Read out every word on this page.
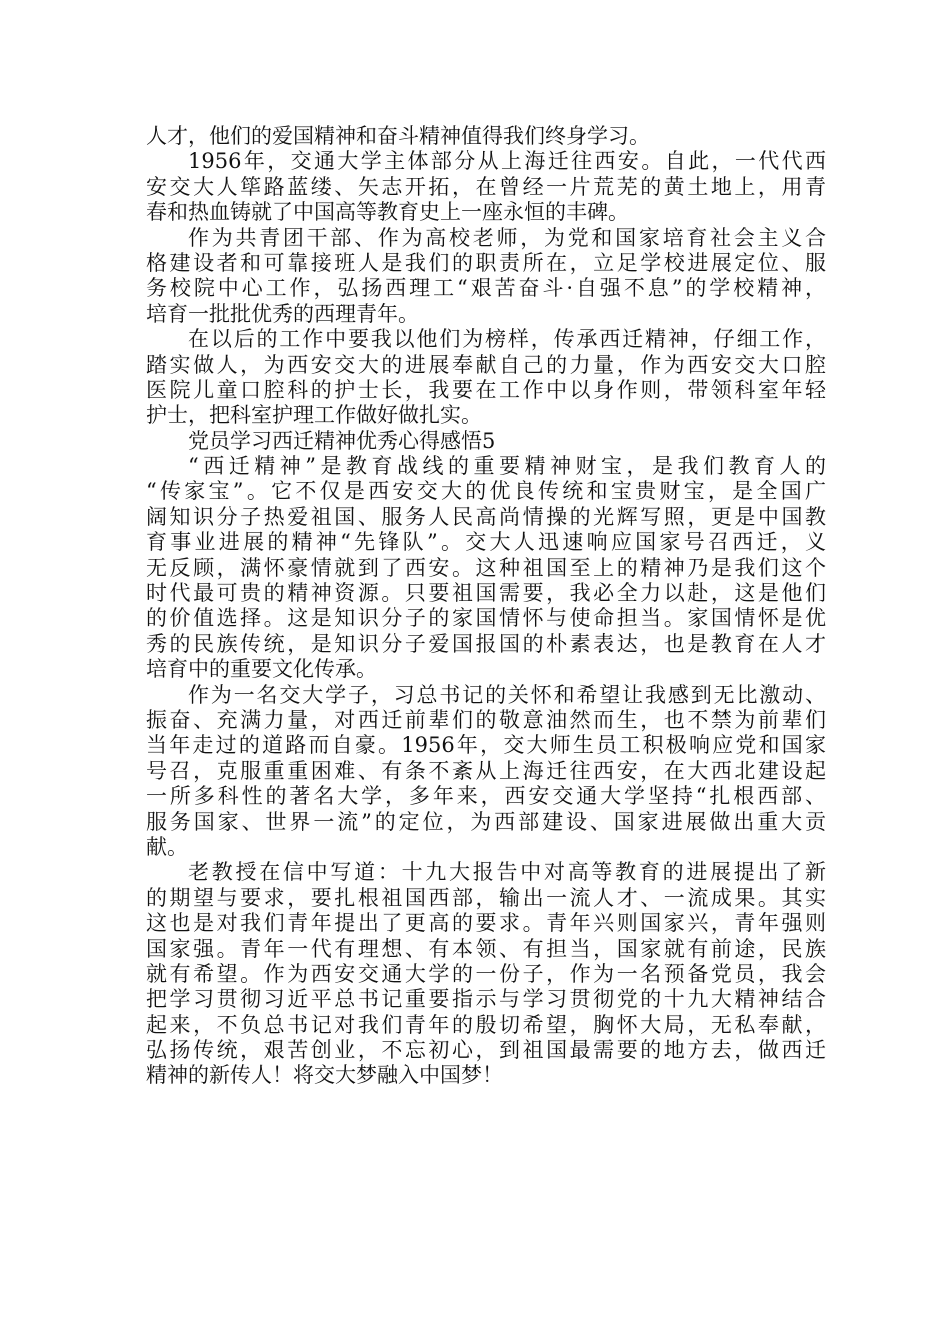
人才，他们的爱国精神和奋斗精神值得我们终身学习。
1956年，交通大学主体部分从上海迁往西安。自此，一代代西
安交大人筚路蓝缕、矢志开拓，在曾经一片荒芜的黄土地上，用青
春和热血铸就了中国高等教育史上一座永恒的丰碑。
作为共青团干部、作为高校老师，为党和国家培育社会主义合
格建设者和可靠接班人是我们的职责所在，立足学校进展定位、服
务校院中心工作，弘扬西理工“艰苦奋斗·自强不息”的学校精神，
培育一批批优秀的西理青年。
在以后的工作中要我以他们为榜样，传承西迁精神，仔细工作，
踏实做人，为西安交大的进展奉献自己的力量，作为西安交大口腔
医院儿童口腔科的护士长，我要在工作中以身作则，带领科室年轻
护士，把科室护理工作做好做扎实。
党员学习西迁精神优秀心得感悟5
“西迁精神”是教育战线的重要精神财宝，是我们教育人的
“传家宝”。它不仅是西安交大的优良传统和宝贵财宝，是全国广
阔知识分子热爱祖国、服务人民高尚情操的光辉写照，更是中国教
育事业进展的精神“先锋队”。交大人迅速响应国家号召西迁，义
无反顾，满怀豪情就到了西安。这种祖国至上的精神乃是我们这个
时代最可贵的精神资源。只要祖国需要，我必全力以赴，这是他们
的价值选择。这是知识分子的家国情怀与使命担当。家国情怀是优
秀的民族传统，是知识分子爱国报国的朴素表达，也是教育在人才
培育中的重要文化传承。
作为一名交大学子，习总书记的关怀和希望让我感到无比激动、
振奋、充满力量，对西迁前辈们的敬意油然而生，也不禁为前辈们
当年走过的道路而自豪。1956年，交大师生员工积极响应党和国家
号召，克服重重困难、有条不紊从上海迁往西安，在大西北建设起
一所多科性的著名大学，多年来，西安交通大学坚持“扎根西部、
服务国家、世界一流”的定位，为西部建设、国家进展做出重大贡
献。
老教授在信中写道：十九大报告中对高等教育的进展提出了新
的期望与要求，要扎根祖国西部，输出一流人才、一流成果。其实
这也是对我们青年提出了更高的要求。青年兴则国家兴，青年强则
国家强。青年一代有理想、有本领、有担当，国家就有前途，民族
就有希望。作为西安交通大学的一份子，作为一名预备党员，我会
把学习贯彻习近平总书记重要指示与学习贯彻党的十九大精神结合
起来，不负总书记对我们青年的殷切希望，胸怀大局，无私奉献，
弘扬传统，艰苦创业，不忘初心，到祖国最需要的地方去，做西迁
精神的新传人！将交大梦融入中国梦！
